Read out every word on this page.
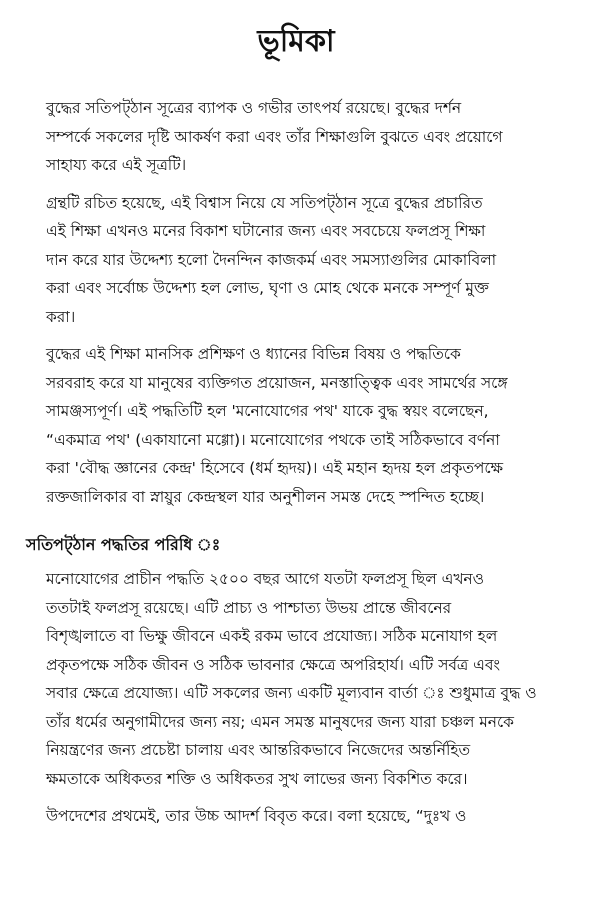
ভূমিকা
বুদ্ধের সতিপট্‌ঠান সূত্রের ব্যাপক ও গভীর তাৎপর্য রয়েছে। বুদ্ধের দর্শন
সম্পর্কে সকলের দৃষ্টি আকর্ষণ করা এবং তাঁর শিক্ষাগুলি বুঝতে এবং প্রয়োগে
সাহায্য করে এই সূত্রটি।
গ্রন্থটি রচিত হয়েছে, এই বিশ্বাস নিয়ে যে সতিপট্‌ঠান সূত্রে বুদ্ধের প্রচারিত
এই শিক্ষা এখনও মনের বিকাশ ঘটানোর জন্য এবং সবচেয়ে ফলপ্রসূ শিক্ষা
দান করে যার উদ্দেশ্য হলো দৈনন্দিন কাজকর্ম এবং সমস্যাগুলির মোকাবিলা
করা এবং সর্বোচ্চ উদ্দেশ্য হল লোভ, ঘৃণা ও মোহ থেকে মনকে সম্পূর্ণ মুক্ত
করা।
বুদ্ধের এই শিক্ষা মানসিক প্রশিক্ষণ ও ধ্যানের বিভিন্ন বিষয় ও পদ্ধতিকে
সরবরাহ করে যা মানুষের ব্যক্তিগত প্রয়োজন, মনস্তাত্ত্বিক এবং সামর্থের সঙ্গে
সামঞ্জস্যপূর্ণ। এই পদ্ধতিটি হল 'মনোযোগের পথ' যাকে বুদ্ধ স্বয়ং বলেছেন,
“একমাত্র পথ' (একাযানো মগ্গো)। মনোযোগের পথকে তাই সঠিকভাবে বর্ণনা
করা 'বৌদ্ধ জ্ঞানের কেন্দ্র' হিসেবে (ধর্ম হৃদয়)। এই মহান হৃদয় হল প্রকৃতপক্ষে
রক্তজালিকার বা স্নায়ুর কেন্দ্রস্থল যার অনুশীলন সমস্ত দেহে স্পন্দিত হচ্ছে।
সতিপট্‌ঠান পদ্ধতির পরিধি ঃ
মনোযোগের প্রাচীন পদ্ধতি ২৫০০ বছর আগে যতটা ফলপ্রসূ ছিল এখনও
ততটাই ফলপ্রসূ রয়েছে। এটি প্রাচ্য ও পাশ্চাত্য উভয় প্রান্তে জীবনের
বিশৃঙ্খলাতে বা ভিক্ষু জীবনে একই রকম ভাবে প্রযোজ্য। সঠিক মনোযাগ হল
প্রকৃতপক্ষে সঠিক জীবন ও সঠিক ভাবনার ক্ষেত্রে অপরিহার্য। এটি সর্বত্র এবং
সবার ক্ষেত্রে প্রযোজ্য। এটি সকলের জন্য একটি মূল্যবান বার্তা ঃ শুধুমাত্র বুদ্ধ ও
তাঁর ধর্মের অনুগামীদের জন্য নয়; এমন সমস্ত মানুষদের জন্য যারা চঞ্চল মনকে
নিয়ন্ত্রণের জন্য প্রচেষ্টা চালায় এবং আন্তরিকভাবে নিজেদের অন্তর্নিহিত
ক্ষমতাকে অধিকতর শক্তি ও অধিকতর সুখ লাভের জন্য বিকশিত করে।
উপদেশের প্রথমেই, তার উচ্চ আদর্শ বিবৃত করে। বলা হয়েছে, “দুঃখ ও
